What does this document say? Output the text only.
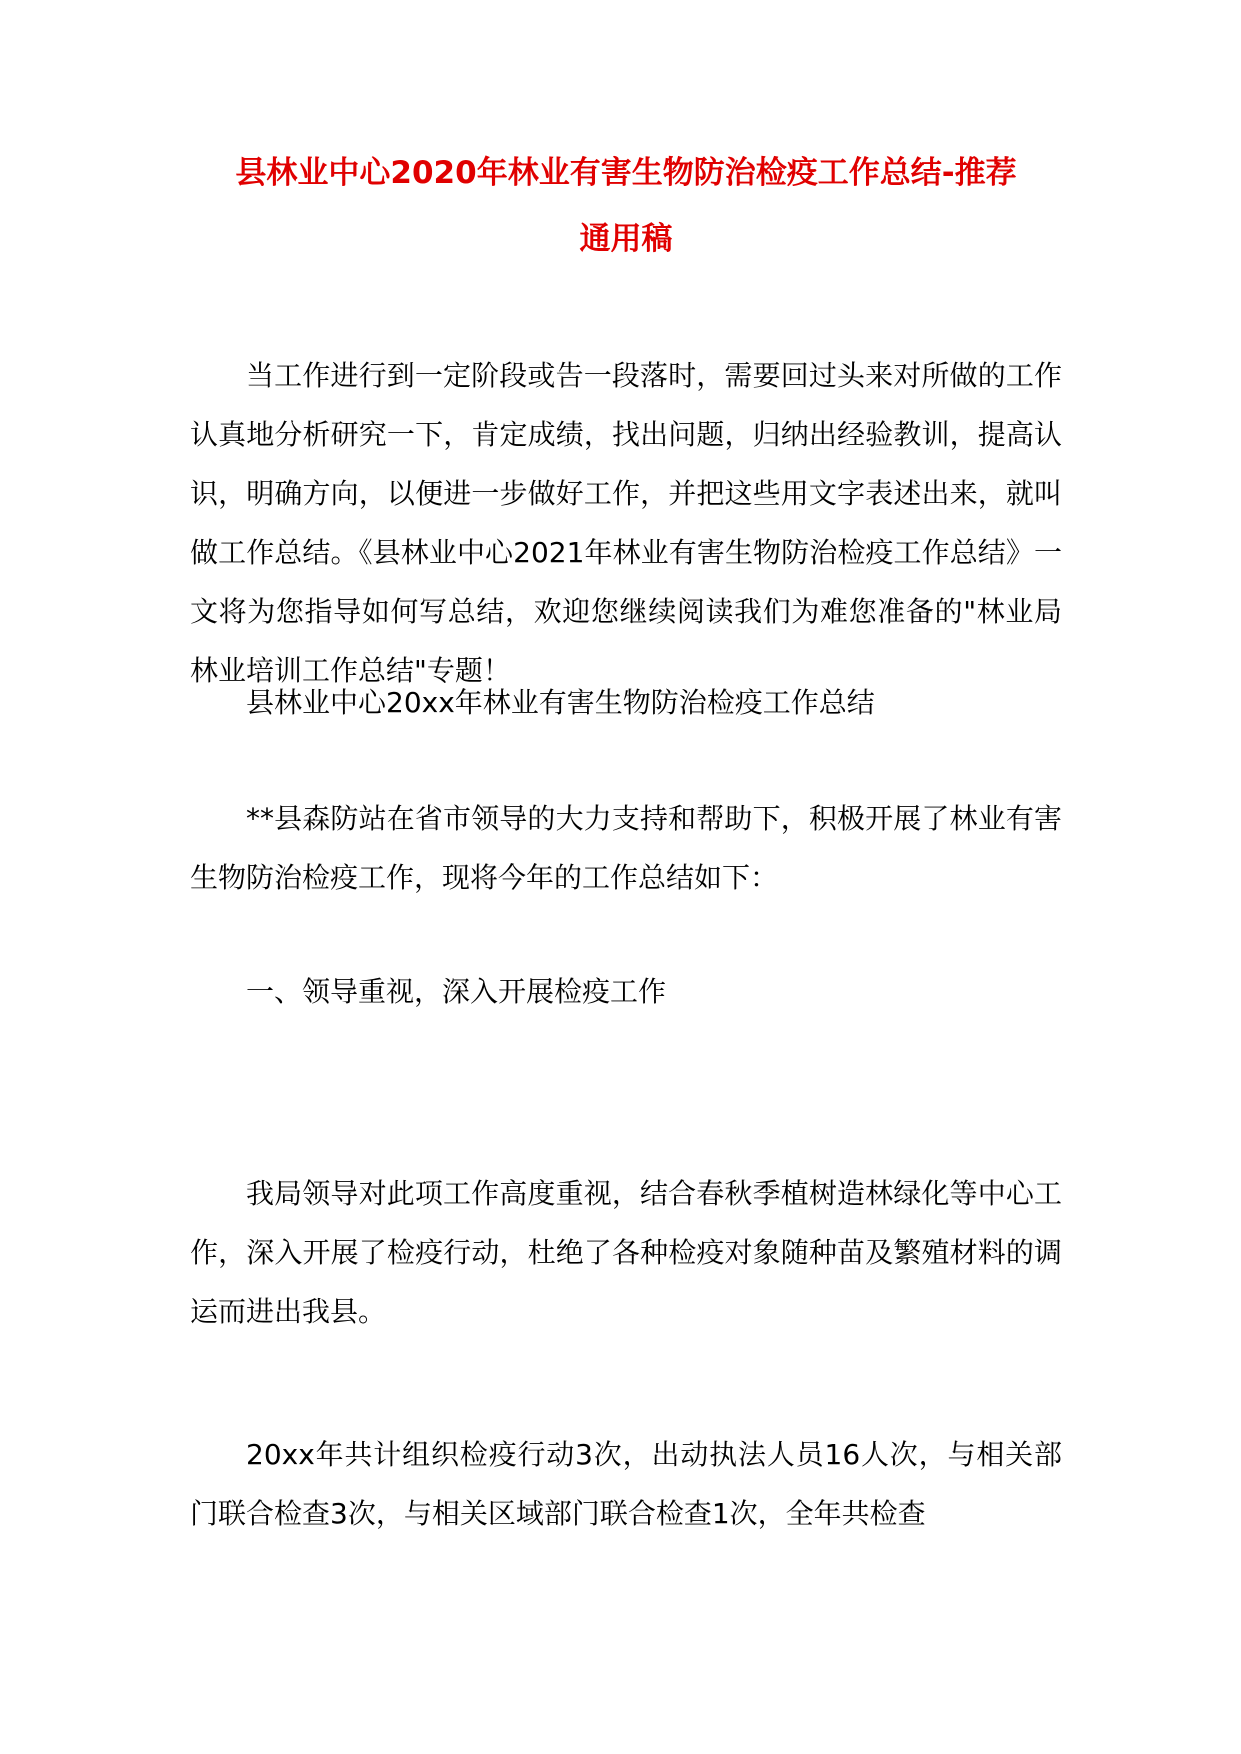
县林业中心2020年林业有害生物防治检疫工作总结-推荐
通用稿

当工作进行到一定阶段或告一段落时，需要回过头来对所做的工作认真地分析研究一下，肯定成绩，找出问题，归纳出经验教训，提高认识，明确方向，以便进一步做好工作，并把这些用文字表述出来，就叫做工作总结。《县林业中心2021年林业有害生物防治检疫工作总结》一文将为您指导如何写总结，欢迎您继续阅读我们为难您准备的"林业局林业培训工作总结"专题！

县林业中心20xx年林业有害生物防治检疫工作总结

**县森防站在省市领导的大力支持和帮助下，积极开展了林业有害生物防治检疫工作，现将今年的工作总结如下：

一、领导重视，深入开展检疫工作

我局领导对此项工作高度重视，结合春秋季植树造林绿化等中心工作，深入开展了检疫行动，杜绝了各种检疫对象随种苗及繁殖材料的调运而进出我县。

20xx年共计组织检疫行动3次，出动执法人员16人次，与相关部门联合检查3次，与相关区域部门联合检查1次，全年共检查
